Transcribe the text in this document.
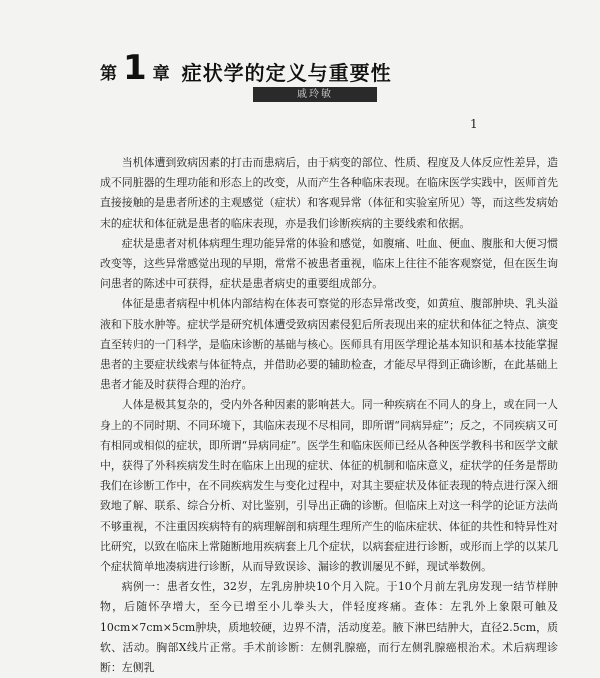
第 1 章 症状学的定义与重要性
戚玲敏
1

当机体遭到致病因素的打击而患病后，由于病变的部位、性质、程度及人体反应性差异，造成不同脏器的生理功能和形态上的改变，从而产生各种临床表现。在临床医学实践中，医师首先直接接触的是患者所述的主观感觉（症状）和客观异常（体征和实验室所见）等，而这些发病始末的症状和体征就是患者的临床表现，亦是我们诊断疾病的主要线索和依据。

症状是患者对机体病理生理功能异常的体验和感觉，如腹痛、吐血、便血、腹胀和大便习惯改变等，这些异常感觉出现的早期，常常不被患者重视，临床上往往不能客观察觉，但在医生询问患者的陈述中可获得，症状是患者病史的重要组成部分。

体征是患者病程中机体内部结构在体表可察觉的形态异常改变，如黄疸、腹部肿块、乳头溢液和下肢水肿等。症状学是研究机体遭受致病因素侵犯后所表现出来的症状和体征之特点、演变直至转归的一门科学，是临床诊断的基础与核心。医师具有用医学理论基本知识和基本技能掌握患者的主要症状线索与体征特点，并借助必要的辅助检查，才能尽早得到正确诊断，在此基础上患者才能及时获得合理的治疗。

人体是极其复杂的，受内外各种因素的影响甚大。同一种疾病在不同人的身上，或在同一人身上的不同时期、不同环境下，其临床表现不尽相同，即所谓“同病异症”；反之，不同疾病又可有相同或相似的症状，即所谓“异病同症”。医学生和临床医师已经从各种医学教科书和医学文献中，获得了外科疾病发生时在临床上出现的症状、体征的机制和临床意义，症状学的任务是帮助我们在诊断工作中，在不同疾病发生与变化过程中，对其主要症状及体征表现的特点进行深入细致地了解、联系、综合分析、对比鉴别，引导出正确的诊断。但临床上对这一科学的论证方法尚不够重视，不注重因疾病特有的病理解剖和病理生理所产生的临床症状、体征的共性和特异性对比研究，以致在临床上常随断地用疾病套上几个症状，以病套症进行诊断，或形而上学的以某几个症状简单地凑病进行诊断，从而导致误诊、漏诊的教训屡见不鲜，现试举数例。

病例一：患者女性，32岁，左乳房肿块10个月入院。于10个月前左乳房发现一结节样肿物，后随怀孕增大，至今已增至小儿拳头大，伴轻度疼痛。查体：左乳外上象限可触及10cm×7cm×5cm肿块，质地较硬，边界不清，活动度差。腋下淋巴结肿大，直径2.5cm，质软、活动。胸部X线片正常。手术前诊断：左侧乳腺癌，而行左侧乳腺癌根治术。术后病理诊断：左侧乳
